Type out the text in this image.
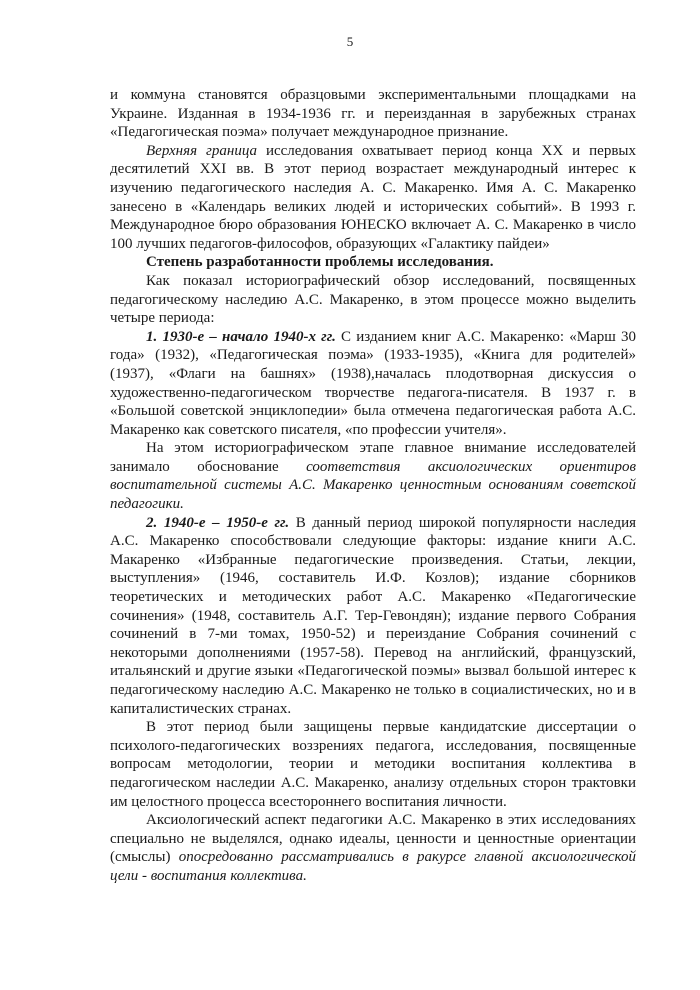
5

и коммуна становятся образцовыми экспериментальными площадками на Украине. Изданная в 1934-1936 гг. и переизданная в зарубежных странах «Педагогическая поэма» получает международное признание.

Верхняя граница исследования охватывает период конца XX и первых десятилетий XXI вв. В этот период возрастает международный интерес к изучению педагогического наследия А. С. Макаренко. Имя А. С. Макаренко занесено в «Календарь великих людей и исторических событий». В 1993 г. Международное бюро образования ЮНЕСКО включает А. С. Макаренко в число 100 лучших педагогов-философов, образующих «Галактику пайдеи»

Степень разработанности проблемы исследования.

Как показал историографический обзор исследований, посвященных педагогическому наследию А.С. Макаренко, в этом процессе можно выделить четыре периода:

1. 1930-е – начало 1940-х гг. С изданием книг А.С. Макаренко: «Марш 30 года» (1932), «Педагогическая поэма» (1933-1935), «Книга для родителей» (1937), «Флаги на башнях» (1938),началась плодотворная дискуссия о художественно-педагогическом творчестве педагога-писателя. В 1937 г. в «Большой советской энциклопедии» была отмечена педагогическая работа А.С. Макаренко как советского писателя, «по профессии учителя».

На этом историографическом этапе главное внимание исследователей занимало обоснование соответствия аксиологических ориентиров воспитательной системы А.С. Макаренко ценностным основаниям советской педагогики.

2. 1940-е – 1950-е гг. В данный период широкой популярности наследия А.С. Макаренко способствовали следующие факторы: издание книги А.С. Макаренко «Избранные педагогические произведения. Статьи, лекции, выступления» (1946, составитель И.Ф. Козлов); издание сборников теоретических и методических работ А.С. Макаренко «Педагогические сочинения» (1948, составитель А.Г. Тер-Гевондян); издание первого Собрания сочинений в 7-ми томах, 1950-52) и переиздание Собрания сочинений с некоторыми дополнениями (1957-58). Перевод на английский, французский, итальянский и другие языки «Педагогической поэмы» вызвал большой интерес к педагогическому наследию А.С. Макаренко не только в социалистических, но и в капиталистических странах.

В этот период были защищены первые кандидатские диссертации о психолого-педагогических воззрениях педагога, исследования, посвященные вопросам методологии, теории и методики воспитания коллектива в педагогическом наследии А.С. Макаренко, анализу отдельных сторон трактовки им целостного процесса всестороннего воспитания личности.

Аксиологический аспект педагогики А.С. Макаренко в этих исследованиях специально не выделялся, однако идеалы, ценности и ценностные ориентации (смыслы) опосредованно рассматривались в ракурсе главной аксиологической цели - воспитания коллектива.
